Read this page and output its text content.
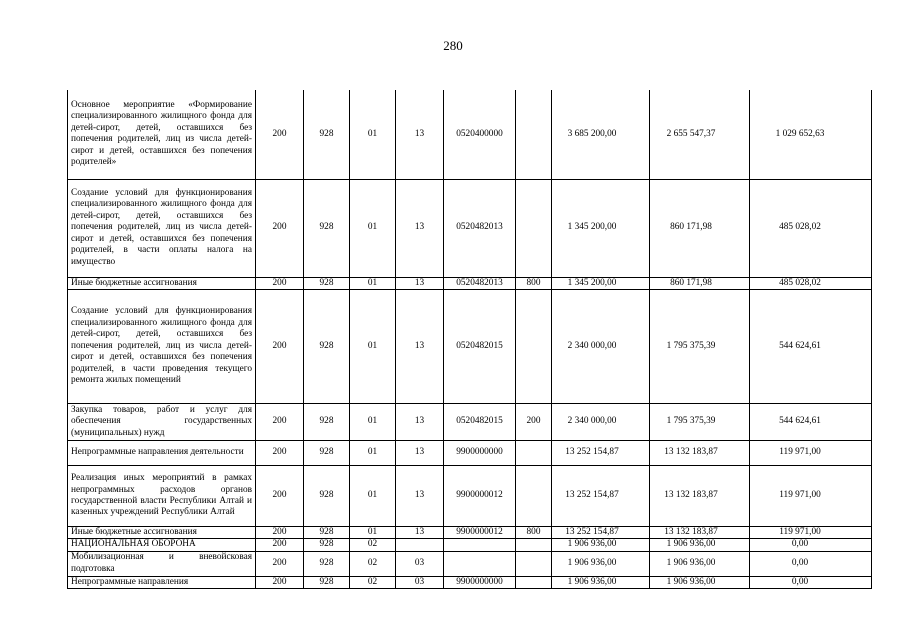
280
Основное мероприятие «Формирование специализированного жилищного фонда для детей-сирот, детей, оставшихся без попечения родителей, лиц из числа детей-сирот и детей, оставшихся без попечения родителей»	200	928	01	13	0520400000		3 685 200,00	2 655 547,37	1 029 652,63
Создание условий для функционирования специализированного жилищного фонда для детей-сирот, детей, оставшихся без попечения родителей, лиц из числа детей-сирот и детей, оставшихся без попечения родителей, в части оплаты налога на имущество	200	928	01	13	0520482013		1 345 200,00	860 171,98	485 028,02
Иные бюджетные ассигнования	200	928	01	13	0520482013	800	1 345 200,00	860 171,98	485 028,02
Создание условий для функционирования специализированного жилищного фонда для детей-сирот, детей, оставшихся без попечения родителей, лиц из числа детей-сирот и детей, оставшихся без попечения родителей, в части проведения текущего ремонта жилых помещений	200	928	01	13	0520482015		2 340 000,00	1 795 375,39	544 624,61
Закупка товаров, работ и услуг для обеспечения государственных (муниципальных) нужд	200	928	01	13	0520482015	200	2 340 000,00	1 795 375,39	544 624,61
Непрограммные направления деятельности	200	928	01	13	9900000000		13 252 154,87	13 132 183,87	119 971,00
Реализация иных мероприятий в рамках непрограммных расходов органов государственной власти Республики Алтай и казенных учреждений Республики Алтай	200	928	01	13	9900000012		13 252 154,87	13 132 183,87	119 971,00
Иные бюджетные ассигнования	200	928	01	13	9900000012	800	13 252 154,87	13 132 183,87	119 971,00
НАЦИОНАЛЬНАЯ ОБОРОНА	200	928	02				1 906 936,00	1 906 936,00	0,00
Мобилизационная и вневойсковая подготовка	200	928	02	03			1 906 936,00	1 906 936,00	0,00
Непрограммные направления	200	928	02	03	9900000000		1 906 936,00	1 906 936,00	0,00
